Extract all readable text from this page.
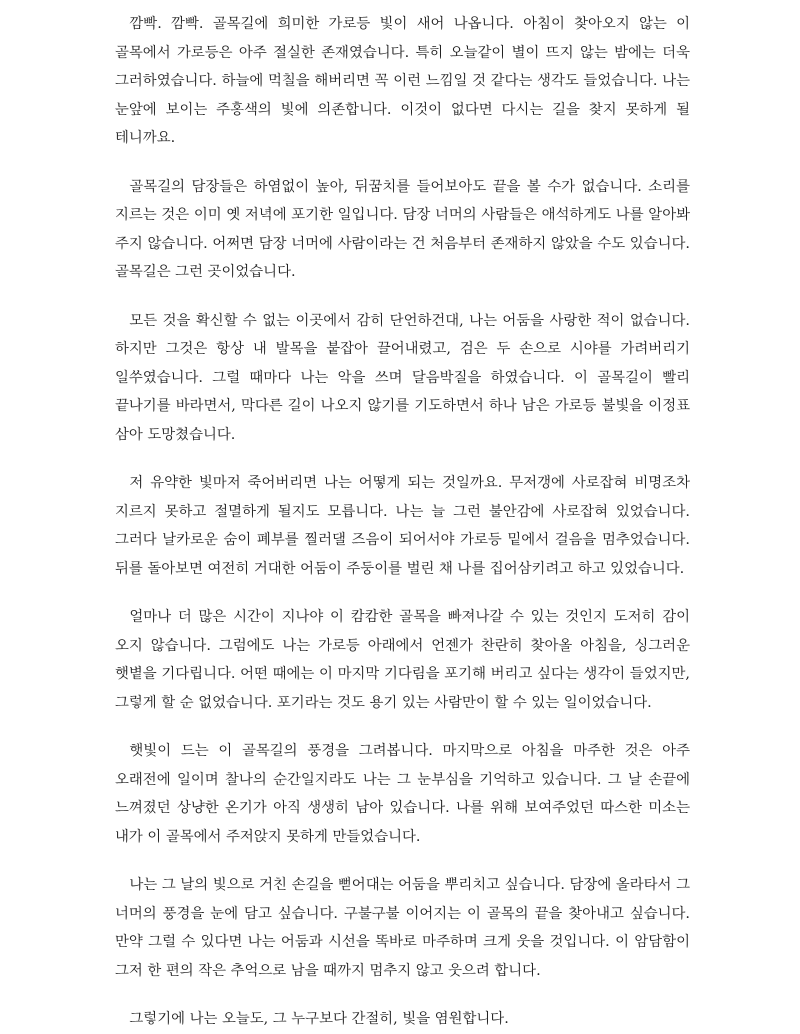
깜빡. 깜빡. 골목길에 희미한 가로등 빛이 새어 나옵니다. 아침이 찾아오지 않는 이 골목에서 가로등은 아주 절실한 존재였습니다. 특히 오늘같이 별이 뜨지 않는 밤에는 더욱 그러하였습니다. 하늘에 먹칠을 해버리면 꼭 이런 느낌일 것 같다는 생각도 들었습니다. 나는 눈앞에 보이는 주홍색의 빛에 의존합니다. 이것이 없다면 다시는 길을 찾지 못하게 될 테니까요.

골목길의 담장들은 하염없이 높아, 뒤꿈치를 들어보아도 끝을 볼 수가 없습니다. 소리를 지르는 것은 이미 옛 저녁에 포기한 일입니다. 담장 너머의 사람들은 애석하게도 나를 알아봐 주지 않습니다. 어쩌면 담장 너머에 사람이라는 건 처음부터 존재하지 않았을 수도 있습니다. 골목길은 그런 곳이었습니다.

모든 것을 확신할 수 없는 이곳에서 감히 단언하건대, 나는 어둠을 사랑한 적이 없습니다. 하지만 그것은 항상 내 발목을 붙잡아 끌어내렸고, 검은 두 손으로 시야를 가려버리기 일쑤였습니다. 그럴 때마다 나는 악을 쓰며 달음박질을 하였습니다. 이 골목길이 빨리 끝나기를 바라면서, 막다른 길이 나오지 않기를 기도하면서 하나 남은 가로등 불빛을 이정표 삼아 도망쳤습니다.

저 유약한 빛마저 죽어버리면 나는 어떻게 되는 것일까요. 무저갱에 사로잡혀 비명조차 지르지 못하고 절멸하게 될지도 모릅니다. 나는 늘 그런 불안감에 사로잡혀 있었습니다. 그러다 날카로운 숨이 폐부를 찔러댈 즈음이 되어서야 가로등 밑에서 걸음을 멈추었습니다. 뒤를 돌아보면 여전히 거대한 어둠이 주둥이를 벌린 채 나를 집어삼키려고 하고 있었습니다.

얼마나 더 많은 시간이 지나야 이 캄캄한 골목을 빠져나갈 수 있는 것인지 도저히 감이 오지 않습니다. 그럼에도 나는 가로등 아래에서 언젠가 찬란히 찾아올 아침을, 싱그러운 햇볕을 기다립니다. 어떤 때에는 이 마지막 기다림을 포기해 버리고 싶다는 생각이 들었지만, 그렇게 할 순 없었습니다. 포기라는 것도 용기 있는 사람만이 할 수 있는 일이었습니다.

햇빛이 드는 이 골목길의 풍경을 그려봅니다. 마지막으로 아침을 마주한 것은 아주 오래전에 일이며 찰나의 순간일지라도 나는 그 눈부심을 기억하고 있습니다. 그 날 손끝에 느껴졌던 상냥한 온기가 아직 생생히 남아 있습니다. 나를 위해 보여주었던 따스한 미소는 내가 이 골목에서 주저앉지 못하게 만들었습니다.

나는 그 날의 빛으로 거친 손길을 뻗어대는 어둠을 뿌리치고 싶습니다. 담장에 올라타서 그 너머의 풍경을 눈에 담고 싶습니다. 구불구불 이어지는 이 골목의 끝을 찾아내고 싶습니다. 만약 그럴 수 있다면 나는 어둠과 시선을 똑바로 마주하며 크게 웃을 것입니다. 이 암담함이 그저 한 편의 작은 추억으로 남을 때까지 멈추지 않고 웃으려 합니다.

그렇기에 나는 오늘도, 그 누구보다 간절히, 빛을 염원합니다.
